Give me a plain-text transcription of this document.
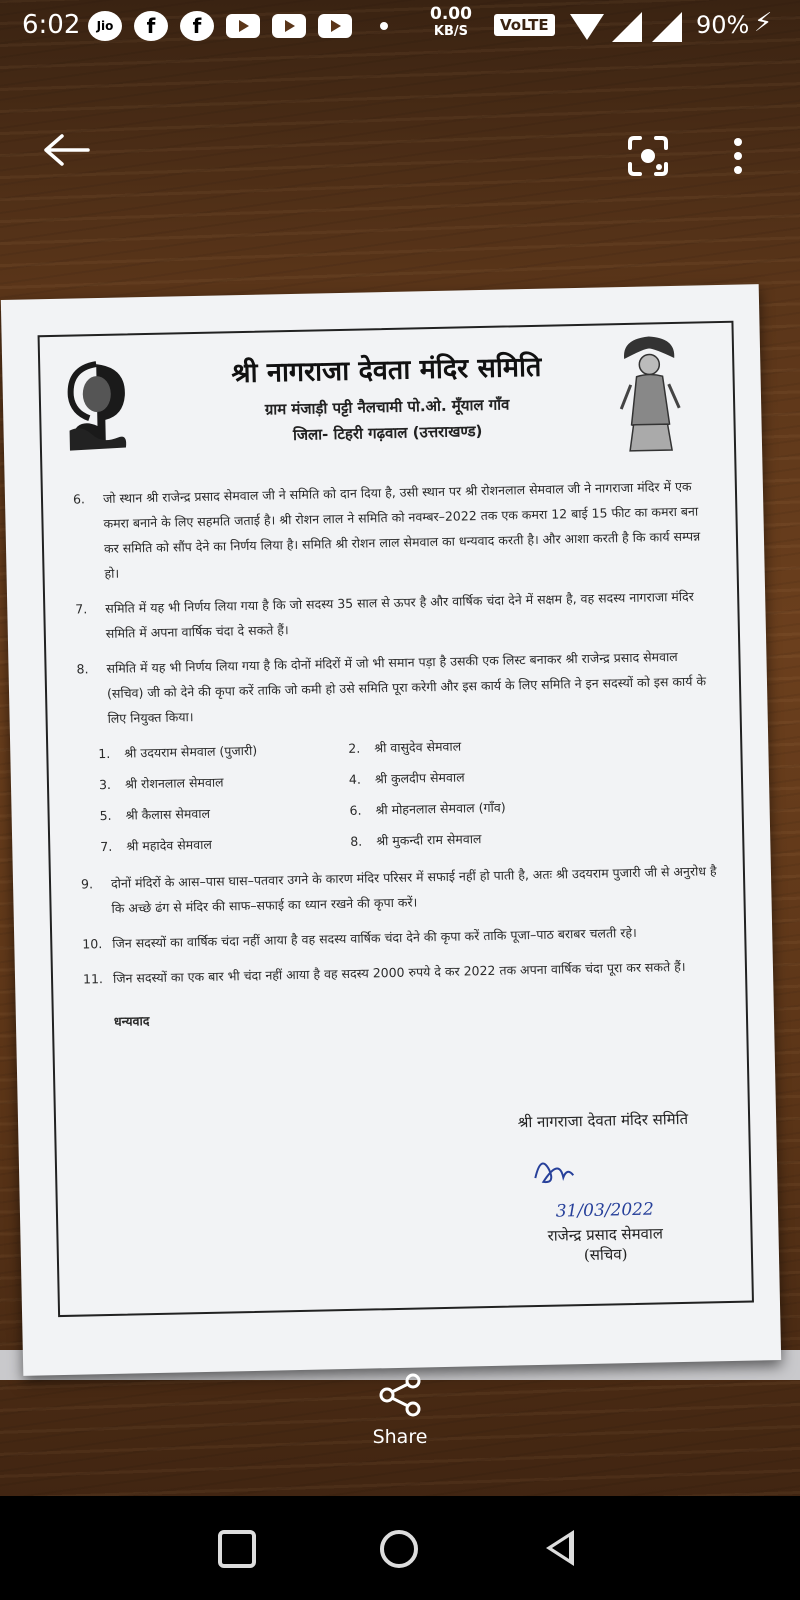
6:02	Jio	f	f	0.00
KB/S	VoLTE	90% ⚡
श्री नागराजा देवता मंदिर समिति
ग्राम मंजाड़ी पट्टी नैलचामी पो.ओ. मूँयाल गाँव
जिला- टिहरी गढ़वाल (उत्तराखण्ड)
6. जो स्थान श्री राजेन्द्र प्रसाद सेमवाल जी ने समिति को दान दिया है, उसी स्थान पर श्री रोशनलाल सेमवाल जी ने नागराजा मंदिर में एक कमरा बनाने के लिए सहमति जताई है। श्री रोशन लाल ने समिति को नवम्बर–2022 तक एक कमरा 12 बाई 15 फीट का कमरा बना कर समिति को सौंप देने का निर्णय लिया है। समिति श्री रोशन लाल सेमवाल का धन्यवाद करती है। और आशा करती है कि कार्य सम्पन्न हो।
7. समिति में यह भी निर्णय लिया गया है कि जो सदस्य 35 साल से ऊपर है और वार्षिक चंदा देने में सक्षम है, वह सदस्य नागराजा मंदिर समिति में अपना वार्षिक चंदा दे सकते हैं।
8. समिति में यह भी निर्णय लिया गया है कि दोनों मंदिरों में जो भी समान पड़ा है उसकी एक लिस्ट बनाकर श्री राजेन्द्र प्रसाद सेमवाल (सचिव) जी को देने की कृपा करें ताकि जो कमी हो उसे समिति पूरा करेगी और इस कार्य के लिए समिति ने इन सदस्यों को इस कार्य के लिए नियुक्त किया।
1. श्री उदयराम सेमवाल (पुजारी)	2. श्री वासुदेव सेमवाल
3. श्री रोशनलाल सेमवाल	4. श्री कुलदीप सेमवाल
5. श्री कैलास सेमवाल	6. श्री मोहनलाल सेमवाल (गाँव)
7. श्री महादेव सेमवाल	8. श्री मुकन्दी राम सेमवाल
9. दोनों मंदिरों के आस–पास घास–पतवार उगने के कारण मंदिर परिसर में सफाई नहीं हो पाती है, अतः श्री उदयराम पुजारी जी से अनुरोध है कि अच्छे ढंग से मंदिर की साफ–सफाई का ध्यान रखने की कृपा करें।
10. जिन सदस्यों का वार्षिक चंदा नहीं आया है वह सदस्य वार्षिक चंदा देने की कृपा करें ताकि पूजा–पाठ बराबर चलती रहे।
11. जिन सदस्यों का एक बार भी चंदा नहीं आया है वह सदस्य 2000 रुपये दे कर 2022 तक अपना वार्षिक चंदा पूरा कर सकते हैं।
धन्यवाद
श्री नागराजा देवता मंदिर समिति
31/03/2022
राजेन्द्र प्रसाद सेमवाल
(सचिव)
Share
